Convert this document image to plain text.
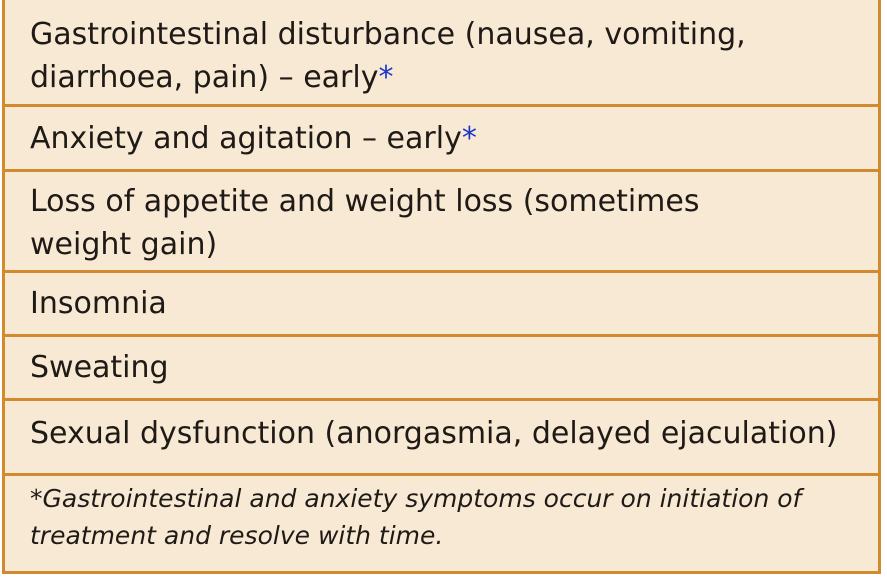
Gastrointestinal disturbance (nausea, vomiting,
diarrhoea, pain) – early*
Anxiety and agitation – early*
Loss of appetite and weight loss (sometimes
weight gain)
Insomnia
Sweating
Sexual dysfunction (anorgasmia, delayed ejaculation)
*Gastrointestinal and anxiety symptoms occur on initiation of
treatment and resolve with time.
